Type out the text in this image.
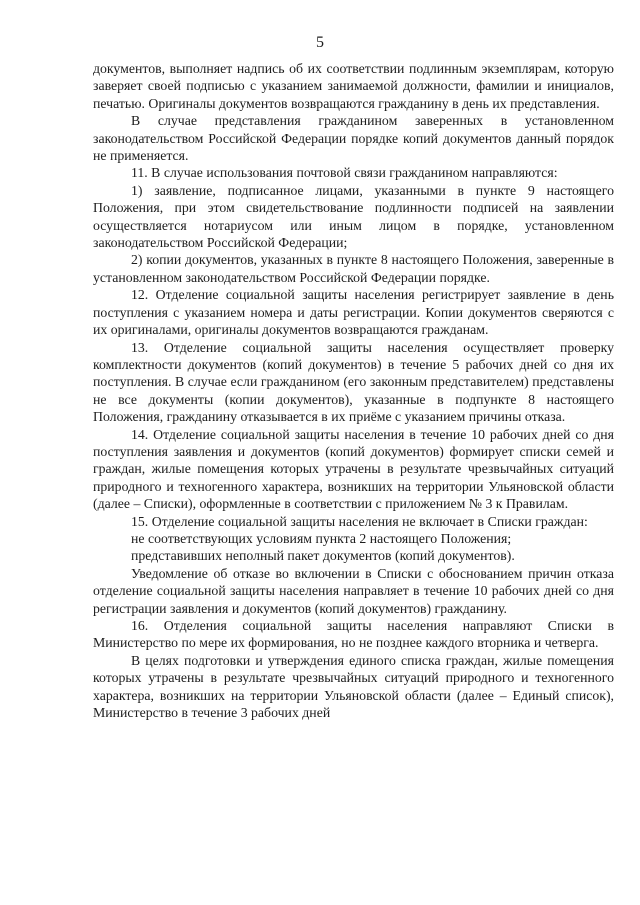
5

документов, выполняет надпись об их соответствии подлинным экземплярам, которую заверяет своей подписью с указанием занимаемой должности, фамилии и инициалов, печатью. Оригиналы документов возвращаются гражданину в день их представления.

В случае представления гражданином заверенных в установленном законодательством Российской Федерации порядке копий документов данный порядок не применяется.

11. В случае использования почтовой связи гражданином направляются:

1) заявление, подписанное лицами, указанными в пункте 9 настоящего Положения, при этом свидетельствование подлинности подписей на заявлении осуществляется нотариусом или иным лицом в порядке, установленном законодательством Российской Федерации;

2) копии документов, указанных в пункте 8 настоящего Положения, заверенные в установленном законодательством Российской Федерации порядке.

12. Отделение социальной защиты населения регистрирует заявление в день поступления с указанием номера и даты регистрации. Копии документов сверяются с их оригиналами, оригиналы документов возвращаются гражданам.

13. Отделение социальной защиты населения осуществляет проверку комплектности документов (копий документов) в течение 5 рабочих дней со дня их поступления. В случае если гражданином (его законным представителем) представлены не все документы (копии документов), указанные в подпункте 8 настоящего Положения, гражданину отказывается в их приёме с указанием причины отказа.

14. Отделение социальной защиты населения в течение 10 рабочих дней со дня поступления заявления и документов (копий документов) формирует списки семей и граждан, жилые помещения которых утрачены в результате чрезвычайных ситуаций природного и техногенного характера, возникших на территории Ульяновской области (далее – Списки), оформленные в соответствии с приложением № 3 к Правилам.

15. Отделение социальной защиты населения не включает в Списки граждан:

не соответствующих условиям пункта 2 настоящего Положения;

представивших неполный пакет документов (копий документов).

Уведомление об отказе во включении в Списки с обоснованием причин отказа отделение социальной защиты населения направляет в течение 10 рабочих дней со дня регистрации заявления и документов (копий документов) гражданину.

16. Отделения социальной защиты населения направляют Списки в Министерство по мере их формирования, но не позднее каждого вторника и четверга.

В целях подготовки и утверждения единого списка граждан, жилые помещения которых утрачены в результате чрезвычайных ситуаций природного и техногенного характера, возникших на территории Ульяновской области (далее – Единый список), Министерство в течение 3 рабочих дней
